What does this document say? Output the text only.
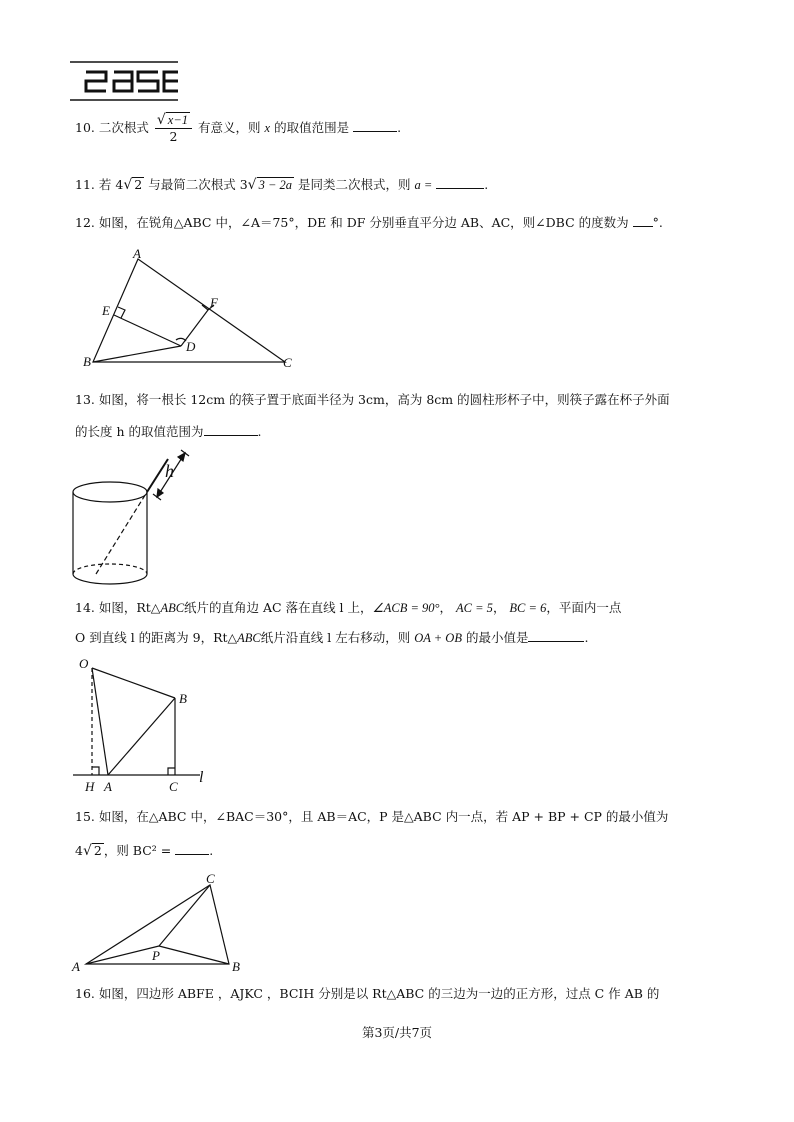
10. 二次根式 $\frac{√ x-1}{2}$ 有意义，则 x 的取值范围是	.
11. 若 4√ 2 与最简二次根式 3√ 3 − 2a 是同类二次根式，则 a =	.
12. 如图，在锐角△ABC 中，∠A＝75°，DE 和 DF 分别垂直平分边 AB、AC，则∠DBC 的度数为 °.
A
B	C
D
E
F
13. 如图，将一根长 12cm 的筷子置于底面半径为 3cm，高为 8cm 的圆柱形杯子中，则筷子露在杯子外面
的长度 h 的取值范围为	.
h
14. 如图，Rt△ABC纸片的直角边 AC 落在直线 l 上，∠ACB = 90°， AC = 5， BC = 6，平面内一点
O 到直线 l 的距离为 9，Rt△ABC纸片沿直线 l 左右移动，则 OA + OB 的最小值是	.
O
B
H A	C
l
15. 如图，在△ABC 中，∠BAC＝30°，且 AB＝AC，P 是△ABC 内一点，若 AP + BP + CP 的最小值为
4√ 2 ，则 BC² =	.
C
A	B
P
16. 如图，四边形 ABFE ，AJKC ，BCIH 分别是以 Rt△ABC 的三边为一边的正方形，过点 C 作 AB 的
第3页/共7页
